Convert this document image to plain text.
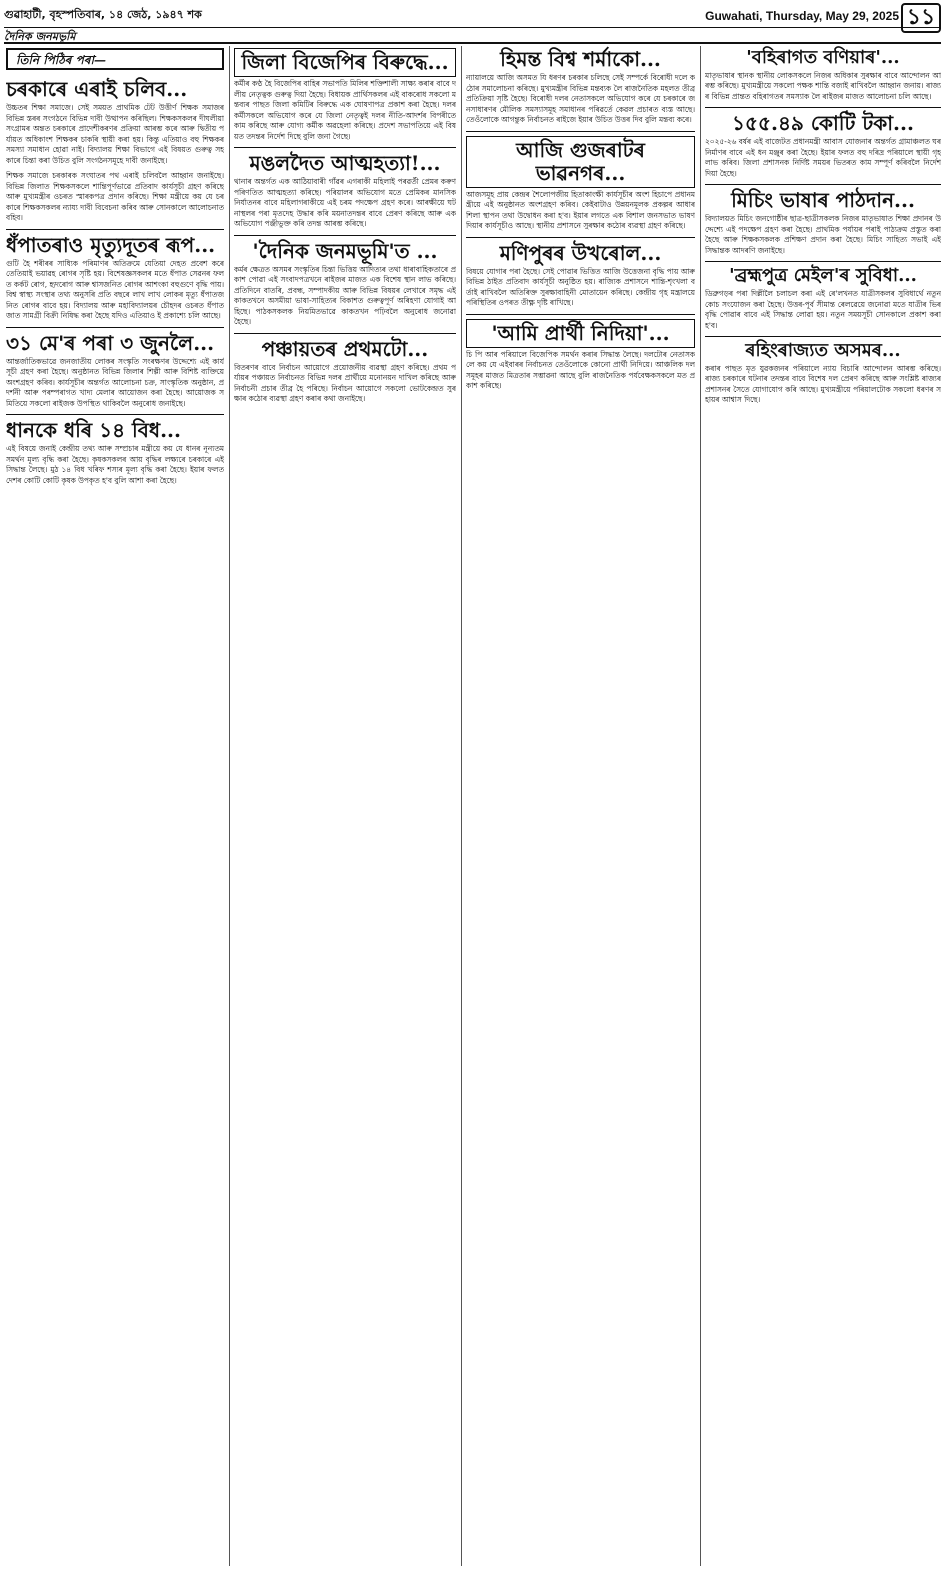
গুৱাহাটী, বৃহস্পতিবাৰ, ১৪ জেঠ, ১৯৪৭ শক	Guwahati, Thursday, May 29, 2025 ১১
দৈনিক জনমভূমি
তিনি পিঠিৰ পৰা—
চৰকাৰে এৰাই চলিব...

উচ্চতৰ শিক্ষা সমাজে। সেই সময়ত প্ৰাথমিক টেট উত্তীৰ্ণ শিক্ষক সমাজৰ বিভিন্ন স্তৰৰ সংগঠনে বিভিন্ন দাবী উত্থাপন কৰিছিল। শিক্ষকসকলৰ দীঘলীয়া সংগ্ৰামৰ অন্তত চৰকাৰে প্ৰাদেশীকৰণৰ প্ৰক্ৰিয়া আৰম্ভ কৰে আৰু দ্বিতীয় পৰ্যায়ত অধিকাংশ শিক্ষকৰ চাকৰি স্থায়ী কৰা হয়। কিন্তু এতিয়াও বহু শিক্ষকৰ সমস্যা সমাধান হোৱা নাই। বিদ্যালয় শিক্ষা বিভাগে এই বিষয়ত গুৰুত্ব সহকাৰে চিন্তা কৰা উচিত বুলি সংগঠনসমূহে দাবী জনাইছে।

শিক্ষক সমাজে চৰকাৰক সংঘাতৰ পথ এৰাই চলিবলৈ আহ্বান জনাইছে। বিভিন্ন জিলাত শিক্ষকসকলে শান্তিপূৰ্ণভাৱে প্ৰতিবাদ কাৰ্যসূচী গ্ৰহণ কৰিছে আৰু মুখ্যমন্ত্ৰীৰ ওচৰত স্মাৰকপত্ৰ প্ৰদান কৰিছে। শিক্ষা মন্ত্ৰীয়ে কয় যে চৰকাৰে শিক্ষকসকলৰ ন্যায্য দাবী বিবেচনা কৰিব আৰু সোনকালে আলোচনাত বহিব।

ধঁপাতৰাও মৃত্যুদূতৰ ৰূপ...

গুটি হৈ শৰীৰৰ সাধ্যিক পৰিমাণৰ অতিক্ৰমে যেতিয়া দেহত প্ৰবেশ কৰে তেতিয়াই ভয়াৱহ ৰোগৰ সৃষ্টি হয়। বিশেষজ্ঞসকলৰ মতে ধঁপাত সেৱনৰ ফলত কৰ্কট ৰোগ, হৃদৰোগ আৰু শ্বাসজনিত ৰোগৰ আশংকা বহুগুণে বৃদ্ধি পায়। বিশ্ব স্বাস্থ্য সংস্থাৰ তথ্য অনুসৰি প্ৰতি বছৰে লাখ লাখ লোকৰ মৃত্যু ধঁপাতজনিত ৰোগৰ বাবে হয়। বিদ্যালয় আৰু মহাবিদ্যালয়ৰ চৌহদৰ ওচৰত ধঁপাতজাত সামগ্ৰী বিক্ৰী নিষিদ্ধ কৰা হৈছে যদিও এতিয়াও ই প্ৰকাশ্যে চলি আছে।

৩১ মে'ৰ পৰা ৩ জুনলৈ...

আন্তৰ্জাতিকভাৱে জনজাতীয় লোকৰ সংস্কৃতি সংৰক্ষণৰ উদ্দেশ্যে এই কাৰ্যসূচী গ্ৰহণ কৰা হৈছে। অনুষ্ঠানত বিভিন্ন জিলাৰ শিল্পী আৰু বিশিষ্ট ব্যক্তিয়ে অংশগ্ৰহণ কৰিব। কাৰ্যসূচীৰ অন্তৰ্গত আলোচনা চক্ৰ, সাংস্কৃতিক অনুষ্ঠান, প্ৰদৰ্শনী আৰু পৰম্পৰাগত খাদ্য মেলাৰ আয়োজন কৰা হৈছে। আয়োজক সমিতিয়ে সকলো ৰাইজক উপস্থিত থাকিবলৈ অনুৰোধ জনাইছে।

ধানকে ধৰি ১৪ বিধ...

এই বিষয়ে জনাই কেন্দ্ৰীয় তথ্য আৰু সম্প্ৰচাৰ মন্ত্ৰীয়ে কয় যে ধানৰ নূন্যতম সমৰ্থন মূল্য বৃদ্ধি কৰা হৈছে। কৃষকসকলৰ আয় বৃদ্ধিৰ লক্ষ্যৰে চৰকাৰে এই সিদ্ধান্ত লৈছে। মুঠ ১৪ বিধ খৰিফ শস্যৰ মূল্য বৃদ্ধি কৰা হৈছে। ইয়াৰ ফলত দেশৰ কোটি কোটি কৃষক উপকৃত হ'ব বুলি আশা কৰা হৈছে।

জিলা বিজেপিৰ বিৰুদ্ধে...

কৰ্মীৰ কণ্ঠ হৈ বিজেপিৰ বাহিৰ সভাপতি মিলিৰ শক্তিশালী সাক্ষ্য কৰাৰ বাবে দলীয় নেতৃত্বক গুৰুত্ব দিয়া হৈছে। বিধায়ক প্ৰাৰ্থিসকলৰ এই বাকৰোধ সকলো মন্তব্যৰ পাছত জিলা কমিটিৰ বিৰুদ্ধে এক ঘোষণাপত্ৰ প্ৰকাশ কৰা হৈছে। দলৰ কৰ্মীসকলে অভিযোগ কৰে যে জিলা নেতৃত্বই দলৰ নীতি-আদৰ্শৰ বিপৰীতে কাম কৰিছে আৰু যোগ্য কৰ্মীক অৱহেলা কৰিছে। প্ৰদেশ সভাপতিয়ে এই বিষয়ত তদন্তৰ নিৰ্দেশ দিছে বুলি জনা গৈছে।

মঙলদৈত আত্মহত্যা!...

থানাৰ অন্তৰ্গত এক আঠিয়াবাৰী গাঁৱৰ এগৰাকী মহিলাই পৰৱৰ্তী প্ৰেমৰ কৰুণ পৰিণতিত আত্মহত্যা কৰিছে। পৰিয়ালৰ অভিযোগ মতে প্ৰেমিকৰ মানসিক নিৰ্যাতনৰ বাবে মহিলাগৰাকীয়ে এই চৰম পদক্ষেপ গ্ৰহণ কৰে। আৰক্ষীয়ে ঘটনাস্থলৰ পৰা মৃতদেহ উদ্ধাৰ কৰি ময়নাতদন্তৰ বাবে প্ৰেৰণ কৰিছে আৰু এক অভিযোগ পঞ্জীভুক্ত কৰি তদন্ত আৰম্ভ কৰিছে।

'দৈনিক জনমভূমি'ত ...

কৰ্মৰ ক্ষেত্ৰত অসমৰ সংস্কৃতিৰ চিন্তা ভিত্তিয় আদিত্যৰ তথা ধাৰাবাহিকতাৰে প্ৰকাশ পোৱা এই সংবাদপত্ৰখনে ৰাইজৰ মাজত এক বিশেষ স্থান লাভ কৰিছে। প্ৰতিদিনে বাতৰি, প্ৰবন্ধ, সম্পাদকীয় আৰু বিভিন্ন বিষয়ৰ লেখাৰে সমৃদ্ধ এই কাকতখনে অসমীয়া ভাষা-সাহিত্যৰ বিকাশত গুৰুত্বপূৰ্ণ অৰিহণা যোগাই আহিছে। পাঠকসকলক নিয়মিতভাৱে কাকতখন পঢ়িবলৈ অনুৰোধ জনোৱা হৈছে।

পঞ্চায়তৰ প্ৰথমটো...

বিতৰণৰ বাবে নিৰ্বাচন আয়োগে প্ৰয়োজনীয় ব্যৱস্থা গ্ৰহণ কৰিছে। প্ৰথম পৰ্যায়ৰ পঞ্চায়ত নিৰ্বাচনত বিভিন্ন দলৰ প্ৰাৰ্থীয়ে মনোনয়ন দাখিল কৰিছে আৰু নিৰ্বাচনী প্ৰচাৰ তীব্ৰ হৈ পৰিছে। নিৰ্বাচন আয়োগে সকলো ভোটকেন্দ্ৰত সুৰক্ষাৰ কঠোৰ ব্যৱস্থা গ্ৰহণ কৰাৰ কথা জনাইছে।

হিমন্ত বিশ্ব শৰ্মাকো...

ন্যায়ালয়ে আজি অসমত যি ধৰণৰ চৰকাৰ চলিছে সেই সম্পৰ্কে বিৰোধী দলে কঠোৰ সমালোচনা কৰিছে। মুখ্যমন্ত্ৰীৰ বিভিন্ন মন্তব্যক লৈ ৰাজনৈতিক মহলত তীব্ৰ প্ৰতিক্ৰিয়া সৃষ্টি হৈছে। বিৰোধী দলৰ নেতাসকলে অভিযোগ কৰে যে চৰকাৰে জনসাধাৰণৰ মৌলিক সমস্যাসমূহ সমাধানৰ পৰিৱৰ্তে কেৱল প্ৰচাৰত ব্যস্ত আছে। তেওঁলোকে আগন্তুক নিৰ্বাচনত ৰাইজে ইয়াৰ উচিত উত্তৰ দিব বুলি মন্তব্য কৰে।

আজি গুজৰাটৰ ভাৱনগৰ...

আজসমূহ প্ৰায় কেন্দ্ৰৰ শৈলোপজীয় হিতাকাংক্ষী কাৰ্যসূচীৰ অংশ হিচাপে প্ৰধানমন্ত্ৰীয়ে এই অনুষ্ঠানত অংশগ্ৰহণ কৰিব। কেইবাটাও উন্নয়নমূলক প্ৰকল্পৰ আধাৰশিলা স্থাপন তথা উদ্বোধন কৰা হ'ব। ইয়াৰ লগতে এক বিশাল জনসভাত ভাষণ দিয়াৰ কাৰ্যসূচীও আছে। স্থানীয় প্ৰশাসনে সুৰক্ষাৰ কঠোৰ ব্যৱস্থা গ্ৰহণ কৰিছে।

মণিপুৰৰ উখৰোল...

বিষয়ে যোগাৰ পৰা হৈছে। সেই পোৱাৰ ভিত্তিত আজি উত্তেজনা বৃদ্ধি পায় আৰু বিভিন্ন ঠাইত প্ৰতিবাদ কাৰ্যসূচী অনুষ্ঠিত হয়। ৰাজ্যিক প্ৰশাসনে শান্তি-শৃংখলা বৰ্তাই ৰাখিবলৈ অতিৰিক্ত সুৰক্ষাবাহিনী মোতায়েন কৰিছে। কেন্দ্ৰীয় গৃহ মন্ত্ৰালয়ে পৰিস্থিতিৰ ওপৰত তীক্ষ্ণ দৃষ্টি ৰাখিছে।

'আমি প্ৰাৰ্থী নিদিয়া'...

চি পি আৰ পৰিয়ালে বিজেপিক সমৰ্থন কৰাৰ সিদ্ধান্ত লৈছে। দলটোৰ নেতাসকলে কয় যে এইবাৰৰ নিৰ্বাচনত তেওঁলোকে কোনো প্ৰাৰ্থী নিদিয়ে। আঞ্চলিক দলসমূহৰ মাজত মিত্ৰতাৰ সম্ভাৱনা আছে বুলি ৰাজনৈতিক পৰ্যবেক্ষকসকলে মত প্ৰকাশ কৰিছে।

'বহিৰাগত বণিয়াৰ'...

মাতৃভাষাৰ স্থানক স্থানীয় লোকসকলে নিজৰ অধিকাৰ সুৰক্ষাৰ বাবে আন্দোলন আৰম্ভ কৰিছে। মুখ্যমন্ত্ৰীয়ে সকলো পক্ষক শান্তি বজাই ৰাখিবলৈ আহ্বান জনায়। ৰাজ্যৰ বিভিন্ন প্ৰান্তত বহিৰাগতৰ সমস্যাক লৈ ৰাইজৰ মাজত আলোচনা চলি আছে।

১৫৫.৪৯ কোটি টকা...

২০২৫-২৬ বৰ্ষৰ এই বাজেটত প্ৰধানমন্ত্ৰী আবাস যোজনাৰ অন্তৰ্গত গ্ৰামাঞ্চলত ঘৰ নিৰ্মাণৰ বাবে এই ধন মঞ্জুৰ কৰা হৈছে। ইয়াৰ ফলত বহু দৰিদ্ৰ পৰিয়ালে স্থায়ী গৃহ লাভ কৰিব। জিলা প্ৰশাসনক নিৰ্দিষ্ট সময়ৰ ভিতৰত কাম সম্পূৰ্ণ কৰিবলৈ নিৰ্দেশ দিয়া হৈছে।

মিচিং ভাষাৰ পাঠদান...

বিদ্যালয়ত মিচিং জনগোষ্ঠীৰ ছাত্ৰ-ছাত্ৰীসকলক নিজৰ মাতৃভাষাত শিক্ষা প্ৰদানৰ উদ্দেশ্যে এই পদক্ষেপ গ্ৰহণ কৰা হৈছে। প্ৰাথমিক পৰ্যায়ৰ পৰাই পাঠ্যক্ৰম প্ৰস্তুত কৰা হৈছে আৰু শিক্ষকসকলক প্ৰশিক্ষণ প্ৰদান কৰা হৈছে। মিচিং সাহিত্য সভাই এই সিদ্ধান্তক আদৰণি জনাইছে।

'ব্ৰহ্মপুত্ৰ মেইল'ৰ সুবিধা...

ডিব্ৰুগড়ৰ পৰা দিল্লীলৈ চলাচল কৰা এই ৰে'লখনত যাত্ৰীসকলৰ সুবিধাৰ্থে নতুন কোচ সংযোজন কৰা হৈছে। উত্তৰ-পূৰ্ব সীমান্ত ৰেলৱেয়ে জনোৱা মতে যাত্ৰীৰ ভিৰ বৃদ্ধি পোৱাৰ বাবে এই সিদ্ধান্ত লোৱা হয়। নতুন সময়সূচী সোনকালে প্ৰকাশ কৰা হ'ব।

ৰহিংৰাজ্যত অসমৰ...

কৰাৰ পাছত মৃত যুৱকজনৰ পৰিয়ালে ন্যায় বিচাৰি আন্দোলন আৰম্ভ কৰিছে। ৰাজ্য চৰকাৰে ঘটনাৰ তদন্তৰ বাবে বিশেষ দল প্ৰেৰণ কৰিছে আৰু সংশ্লিষ্ট ৰাজ্যৰ প্ৰশাসনৰ সৈতে যোগাযোগ কৰি আছে। মুখ্যমন্ত্ৰীয়ে পৰিয়ালটোক সকলো ধৰণৰ সহায়ৰ আশ্বাস দিছে।
